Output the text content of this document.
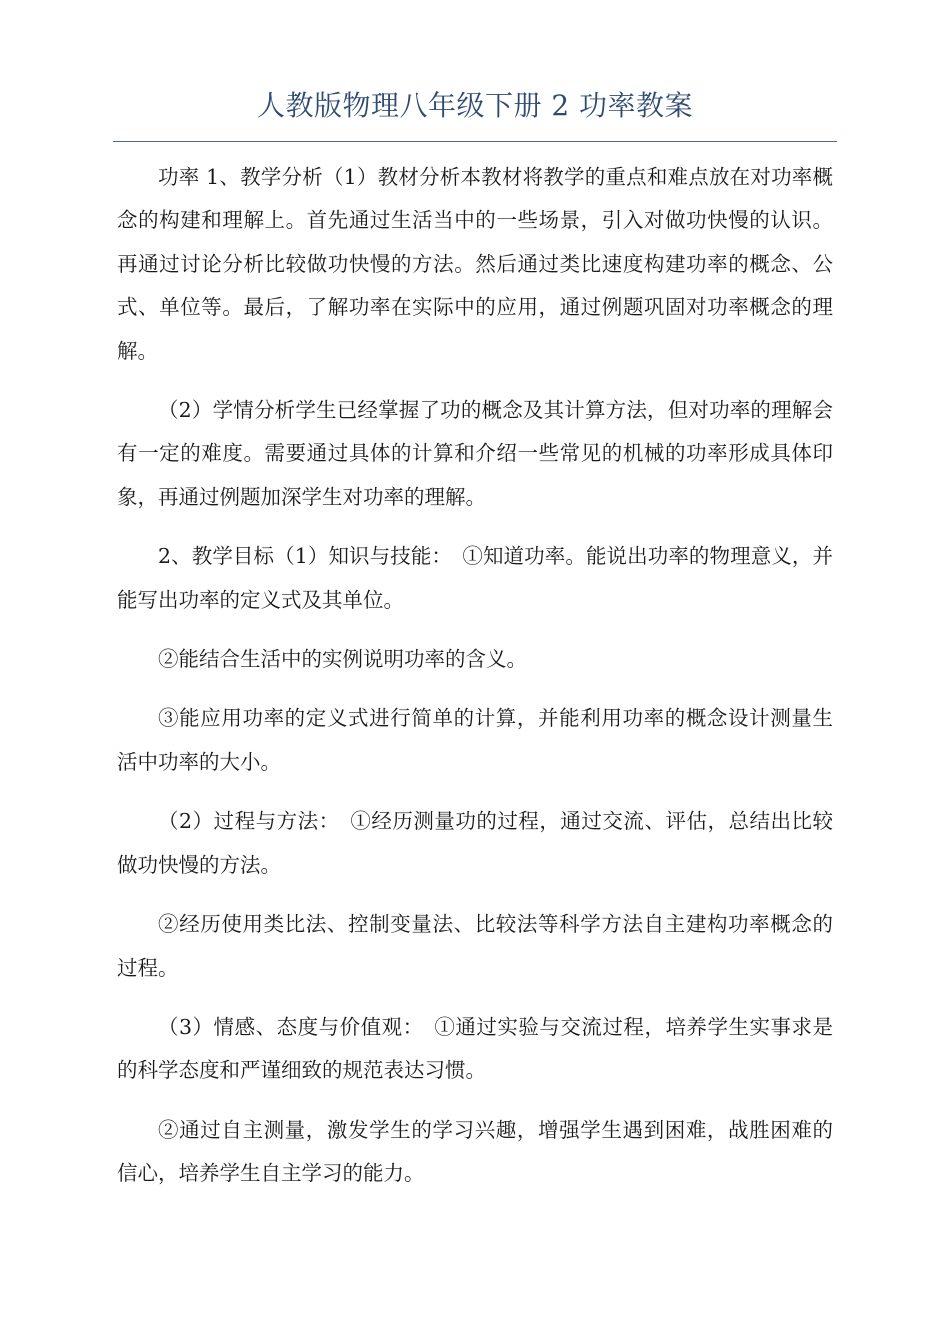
人教版物理八年级下册 2 功率教案

功率 1、教学分析（1）教材分析本教材将教学的重点和难点放在对功率概念的构建和理解上。首先通过生活当中的一些场景，引入对做功快慢的认识。再通过讨论分析比较做功快慢的方法。然后通过类比速度构建功率的概念、公式、单位等。最后，了解功率在实际中的应用，通过例题巩固对功率概念的理解。

（2）学情分析学生已经掌握了功的概念及其计算方法，但对功率的理解会有一定的难度。需要通过具体的计算和介绍一些常见的机械的功率形成具体印象，再通过例题加深学生对功率的理解。

2、教学目标（1）知识与技能：　①知道功率。能说出功率的物理意义，并能写出功率的定义式及其单位。

②能结合生活中的实例说明功率的含义。

③能应用功率的定义式进行简单的计算，并能利用功率的概念设计测量生活中功率的大小。

（2）过程与方法：　①经历测量功的过程，通过交流、评估，总结出比较做功快慢的方法。

②经历使用类比法、控制变量法、比较法等科学方法自主建构功率概念的过程。

（3）情感、态度与价值观：　①通过实验与交流过程，培养学生实事求是的科学态度和严谨细致的规范表达习惯。

②通过自主测量，激发学生的学习兴趣，增强学生遇到困难，战胜困难的信心，培养学生自主学习的能力。
